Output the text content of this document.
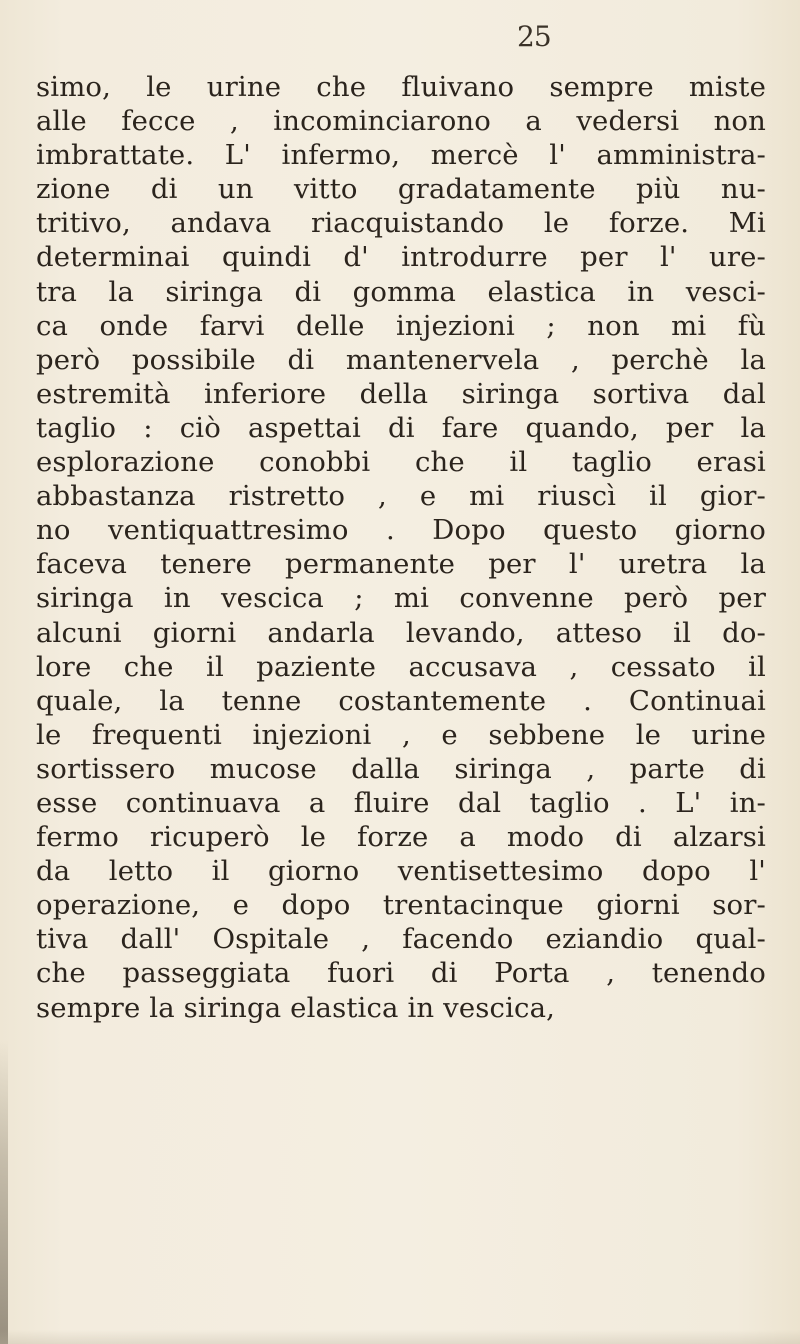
25
simo, le urine che fluivano sempre miste
alle fecce , incominciarono a vedersi non
imbrattate. L' infermo, mercè l' amministra-
zione di un vitto gradatamente più nu-
tritivo, andava riacquistando le forze. Mi
determinai quindi d' introdurre per l' ure-
tra la siringa di gomma elastica in vesci-
ca onde farvi delle injezioni ; non mi fù
però possibile di mantenervela , perchè la
estremità inferiore della siringa sortiva dal
taglio : ciò aspettai di fare quando, per la
esplorazione conobbi che il taglio erasi
abbastanza ristretto , e mi riuscì il gior-
no ventiquattresimo . Dopo questo giorno
faceva tenere permanente per l' uretra la
siringa in vescica ; mi convenne però per
alcuni giorni andarla levando, atteso il do-
lore che il paziente accusava , cessato il
quale, la tenne costantemente . Continuai
le frequenti injezioni , e sebbene le urine
sortissero mucose dalla siringa , parte di
esse continuava a fluire dal taglio . L' in-
fermo ricuperò le forze a modo di alzarsi
da letto il giorno ventisettesimo dopo l'
operazione, e dopo trentacinque giorni sor-
tiva dall' Ospitale , facendo eziandio qual-
che passeggiata fuori di Porta , tenendo
sempre la siringa elastica in vescica,
